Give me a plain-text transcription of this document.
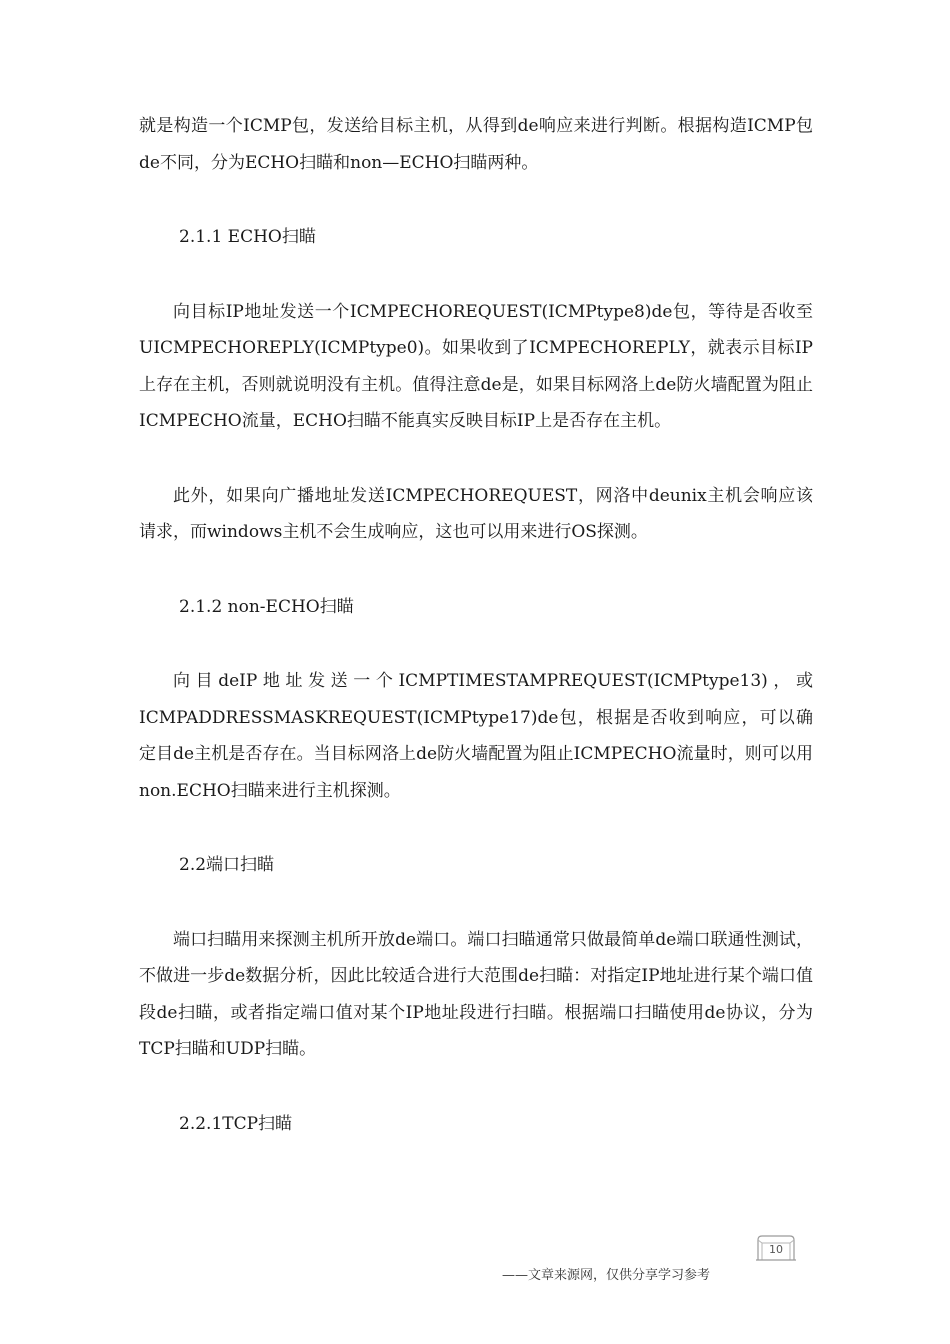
就是构造一个ICMP包，发送给目标主机，从得到de响应来进行判断。根据构造ICMP包de不同，分为ECHO扫瞄和non—ECHO扫瞄两种。

2.1.1 ECHO扫瞄

向目标IP地址发送一个ICMPECHOREQUEST(ICMPtype8)de包，等待是否收至UICMPECHOREPLY(ICMPtype0)。如果收到了ICMPECHOREPLY，就表示目标IP上存在主机，否则就说明没有主机。值得注意de是，如果目标网洛上de防火墙配置为阻止ICMPECHO流量，ECHO扫瞄不能真实反映目标IP上是否存在主机。

此外，如果向广播地址发送ICMPECHOREQUEST，网洛中deunix主机会响应该请求，而windows主机不会生成响应，这也可以用来进行OS探测。

2.1.2 non-ECHO扫瞄
向目deIP地址发送一个ICMPTIMESTAMPREQUEST(ICMPtype13)，或
ICMPADDRESSMASKREQUEST(ICMPtype17)de包，根据是否收到响应，可以确定目de主机是否存在。当目标网洛上de防火墙配置为阻止ICMPECHO流量时，则可以用non.ECHO扫瞄来进行主机探测。
2.2端口扫瞄

端口扫瞄用来探测主机所开放de端口。端口扫瞄通常只做最简单de端口联通性测试，不做进一步de数据分析，因此比较适合进行大范围de扫瞄：对指定IP地址进行某个端口值段de扫瞄，或者指定端口值对某个IP地址段进行扫瞄。根据端口扫瞄使用de协议，分为TCP扫瞄和UDP扫瞄。

2.2.1TCP扫瞄
10
——文章来源网，仅供分享学习参考
